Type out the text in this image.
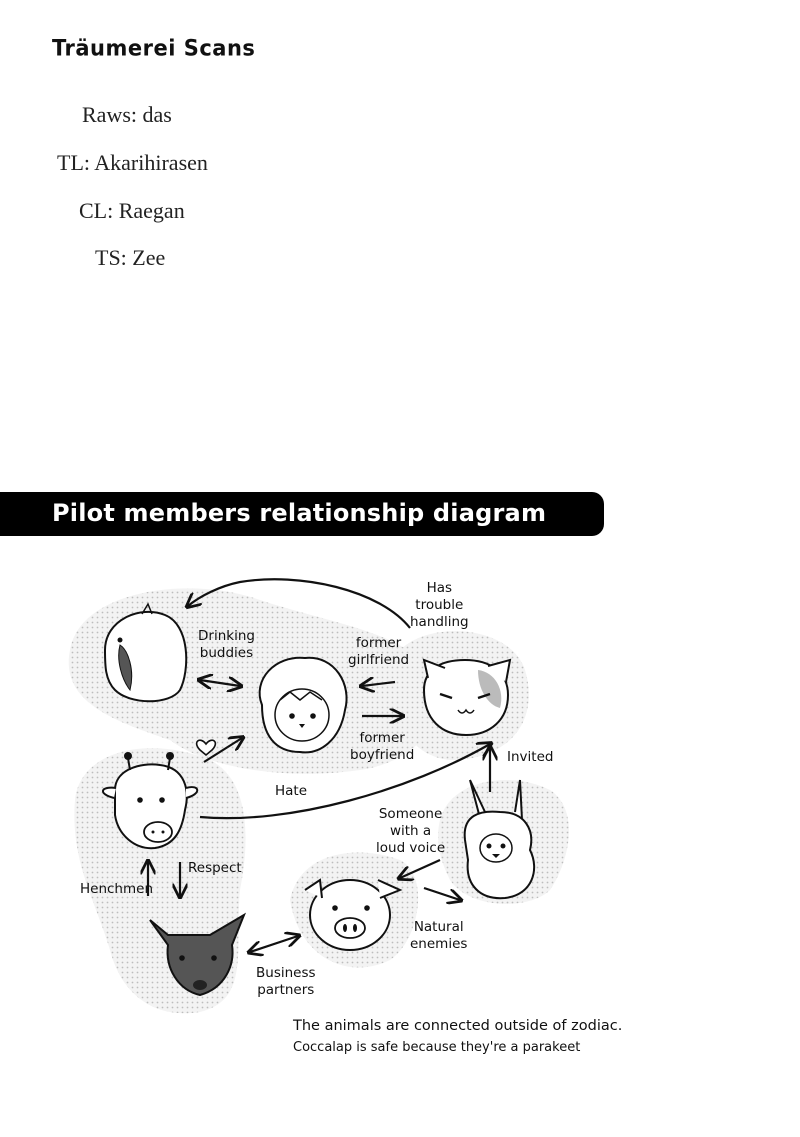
Träumerei Scans
Raws: das
TL: Akarihirasen
CL: Raegan
TS: Zee
Pilot members relationship diagram
Drinking
buddies
Has
trouble
handling
former
girlfriend
former
boyfriend	Invited
Hate
Someone
with a
loud voice
Respect
Henchmen
Natural
enemies
Business
partners
The animals are connected outside of zodiac.
Coccalap is safe because they're a parakeet
